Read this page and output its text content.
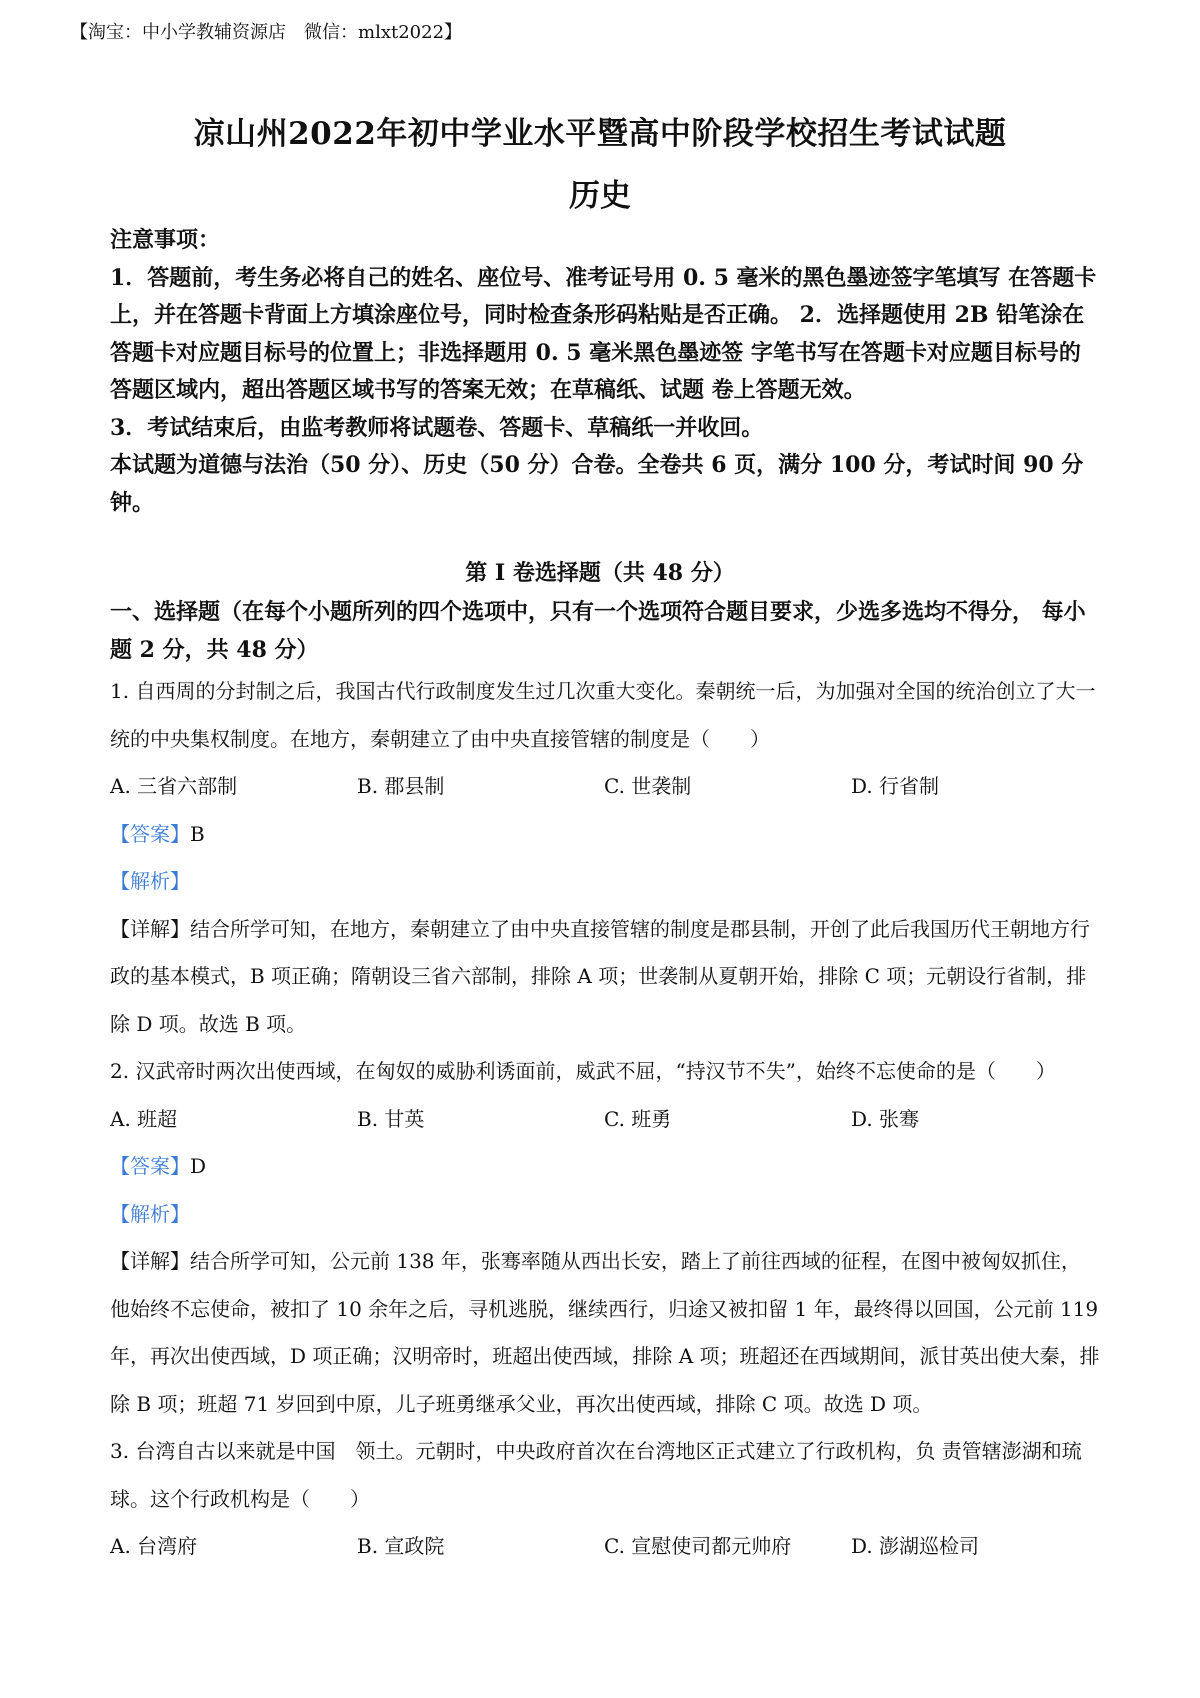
【淘宝：中小学教辅资源店　微信：mlxt2022】
凉山州2022年初中学业水平暨高中阶段学校招生考试试题
历史

注意事项：

1．答题前，考生务必将自己的姓名、座位号、准考证号用 0. 5 毫米的黑色墨迹签字笔填写 在答题卡上，并在答题卡背面上方填涂座位号，同时检查条形码粘贴是否正确。 2．选择题使用 2B 铅笔涂在答题卡对应题目标号的位置上；非选择题用 0. 5 毫米黑色墨迹签 字笔书写在答题卡对应题目标号的答题区域内，超出答题区域书写的答案无效；在草稿纸、试题 卷上答题无效。

3．考试结束后，由监考教师将试题卷、答题卡、草稿纸一并收回。

本试题为道德与法治（50 分）、历史（50 分）合卷。全卷共 6 页，满分 100 分，考试时间 90 分钟。

第 I 卷选择题（共 48 分）
一、选择题（在每个小题所列的四个选项中，只有一个选项符合题目要求，少选多选均不得分， 每小题 2 分，共 48 分）

1. 自西周的分封制之后，我国古代行政制度发生过几次重大变化。秦朝统一后，为加强对全国的统治创立了大一统的中央集权制度。在地方，秦朝建立了由中央直接管辖的制度是（　　）

A. 三省六部制	B. 郡县制	C. 世袭制	D. 行省制

【答案】B

【解析】

【详解】结合所学可知，在地方，秦朝建立了由中央直接管辖的制度是郡县制，开创了此后我国历代王朝地方行政的基本模式，B 项正确；隋朝设三省六部制，排除 A 项；世袭制从夏朝开始，排除 C 项；元朝设行省制，排除 D 项。故选 B 项。

2. 汉武帝时两次出使西域，在匈奴的威胁利诱面前，威武不屈，“持汉节不失”，始终不忘使命的是（　　）

A. 班超	B. 甘英	C. 班勇	D. 张骞

【答案】D

【解析】

【详解】结合所学可知，公元前 138 年，张骞率随从西出长安，踏上了前往西域的征程，在图中被匈奴抓住，他始终不忘使命，被扣了 10 余年之后，寻机逃脱，继续西行，归途又被扣留 1 年，最终得以回国，公元前 119 年，再次出使西域，D 项正确；汉明帝时，班超出使西域，排除 A 项；班超还在西域期间，派甘英出使大秦，排除 B 项；班超 71 岁回到中原，儿子班勇继承父业，再次出使西域，排除 C 项。故选 D 项。

3. 台湾自古以来就是中国　领土。元朝时，中央政府首次在台湾地区正式建立了行政机构，负 责管辖澎湖和琉球。这个行政机构是（　　）

A. 台湾府	B. 宣政院	C. 宣慰使司都元帅府	D. 澎湖巡检司
